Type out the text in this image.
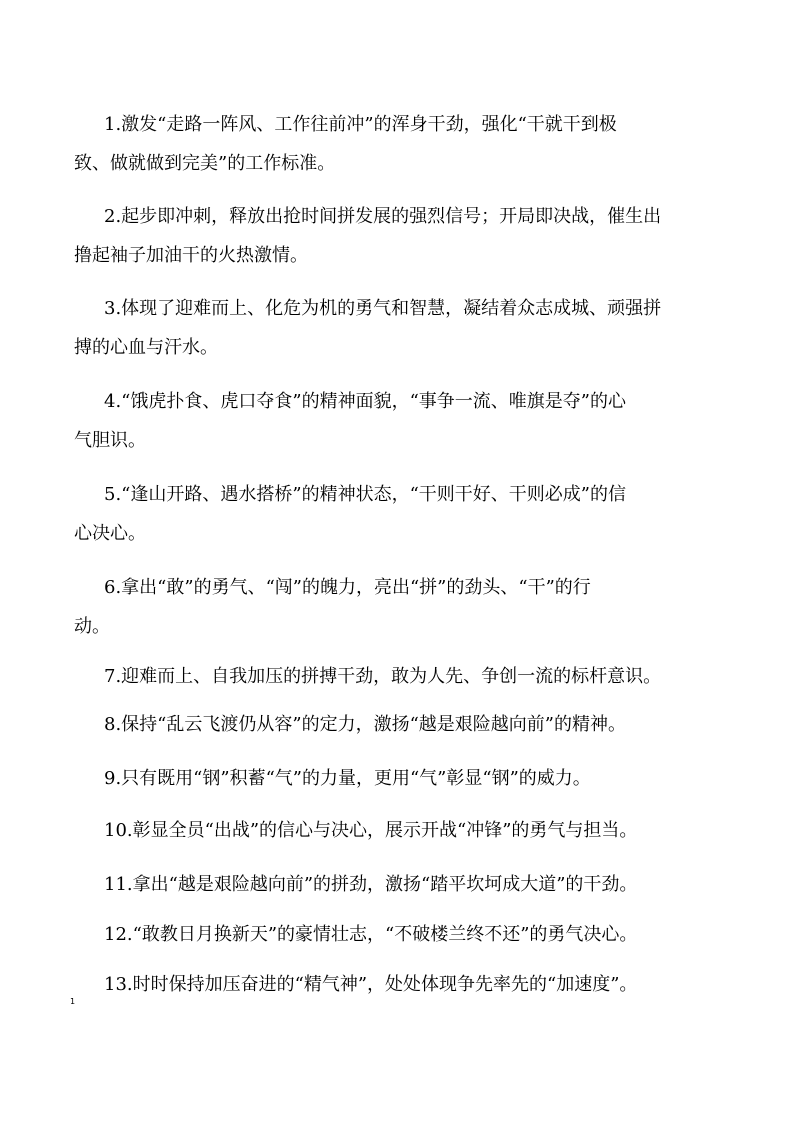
1.激发“走路一阵风、工作往前冲”的浑身干劲，强化“干就干到极
致、做就做到完美”的工作标准。
2.起步即冲刺，释放出抢时间拼发展的强烈信号；开局即决战，催生出
撸起袖子加油干的火热激情。
3.体现了迎难而上、化危为机的勇气和智慧，凝结着众志成城、顽强拼
搏的心血与汗水。
4.“饿虎扑食、虎口夺食”的精神面貌，“事争一流、唯旗是夺”的心
气胆识。
5.“逢山开路、遇水搭桥”的精神状态，“干则干好、干则必成”的信
心决心。
6.拿出“敢”的勇气、“闯”的魄力，亮出“拼”的劲头、“干”的行
动。
7.迎难而上、自我加压的拼搏干劲，敢为人先、争创一流的标杆意识。
8.保持“乱云飞渡仍从容”的定力，激扬“越是艰险越向前”的精神。
9.只有既用“钢”积蓄“气”的力量，更用“气”彰显“钢”的威力。
10.彰显全员“出战”的信心与决心，展示开战“冲锋”的勇气与担当。
11.拿出“越是艰险越向前”的拼劲，激扬“踏平坎坷成大道”的干劲。
12.“敢教日月换新天”的豪情壮志，“不破楼兰终不还”的勇气决心。
13.时时保持加压奋进的“精气神”，处处体现争先率先的“加速度”。
1
